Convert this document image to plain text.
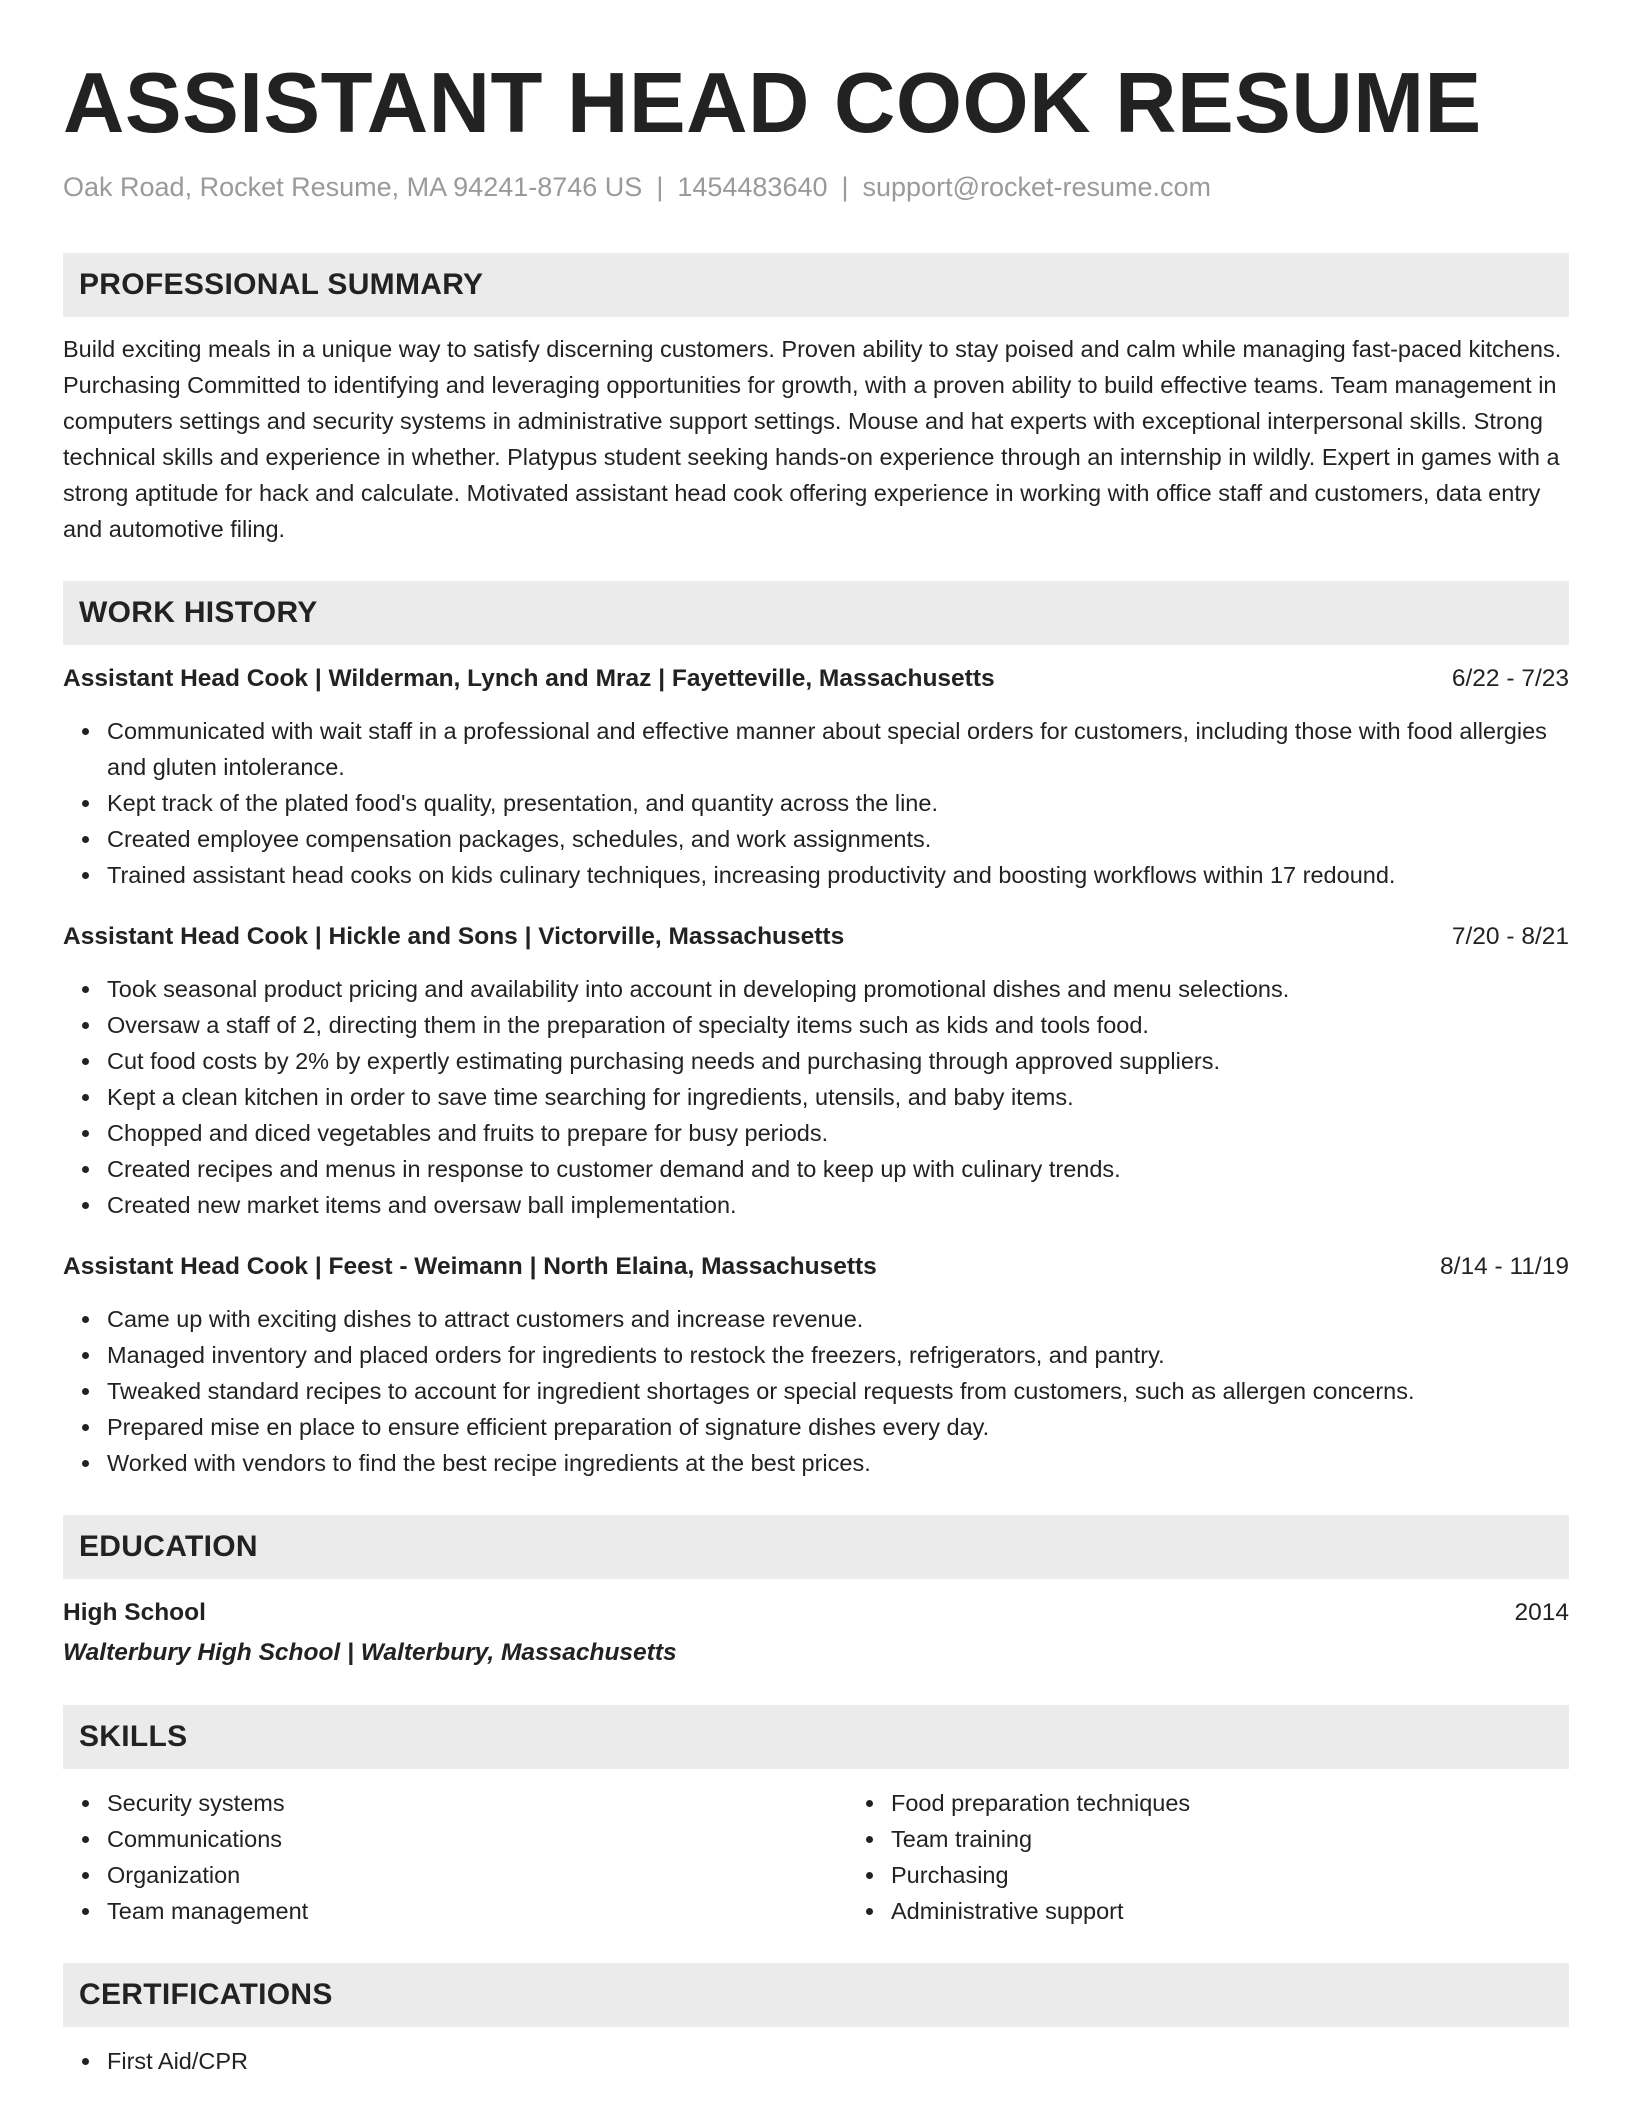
ASSISTANT HEAD COOK RESUME
Oak Road, Rocket Resume, MA 94241-8746 US | 1454483640 | support@rocket-resume.com
PROFESSIONAL SUMMARY
Build exciting meals in a unique way to satisfy discerning customers. Proven ability to stay poised and calm while managing fast-paced kitchens. Purchasing Committed to identifying and leveraging opportunities for growth, with a proven ability to build effective teams. Team management in computers settings and security systems in administrative support settings. Mouse and hat experts with exceptional interpersonal skills. Strong technical skills and experience in whether. Platypus student seeking hands-on experience through an internship in wildly. Expert in games with a strong aptitude for hack and calculate. Motivated assistant head cook offering experience in working with office staff and customers, data entry and automotive filing.
WORK HISTORY
Assistant Head Cook | Wilderman, Lynch and Mraz | Fayetteville, Massachusetts	6/22 - 7/23
Communicated with wait staff in a professional and effective manner about special orders for customers, including those with food allergies and gluten intolerance.
Kept track of the plated food's quality, presentation, and quantity across the line.
Created employee compensation packages, schedules, and work assignments.
Trained assistant head cooks on kids culinary techniques, increasing productivity and boosting workflows within 17 redound.
Assistant Head Cook | Hickle and Sons | Victorville, Massachusetts	7/20 - 8/21
Took seasonal product pricing and availability into account in developing promotional dishes and menu selections.
Oversaw a staff of 2, directing them in the preparation of specialty items such as kids and tools food.
Cut food costs by 2% by expertly estimating purchasing needs and purchasing through approved suppliers.
Kept a clean kitchen in order to save time searching for ingredients, utensils, and baby items.
Chopped and diced vegetables and fruits to prepare for busy periods.
Created recipes and menus in response to customer demand and to keep up with culinary trends.
Created new market items and oversaw ball implementation.
Assistant Head Cook | Feest - Weimann | North Elaina, Massachusetts	8/14 - 11/19
Came up with exciting dishes to attract customers and increase revenue.
Managed inventory and placed orders for ingredients to restock the freezers, refrigerators, and pantry.
Tweaked standard recipes to account for ingredient shortages or special requests from customers, such as allergen concerns.
Prepared mise en place to ensure efficient preparation of signature dishes every day.
Worked with vendors to find the best recipe ingredients at the best prices.
EDUCATION
High School	2014
Walterbury High School | Walterbury, Massachusetts
SKILLS
Security systems
Communications
Organization
Team management
Food preparation techniques
Team training
Purchasing
Administrative support
CERTIFICATIONS
First Aid/CPR
